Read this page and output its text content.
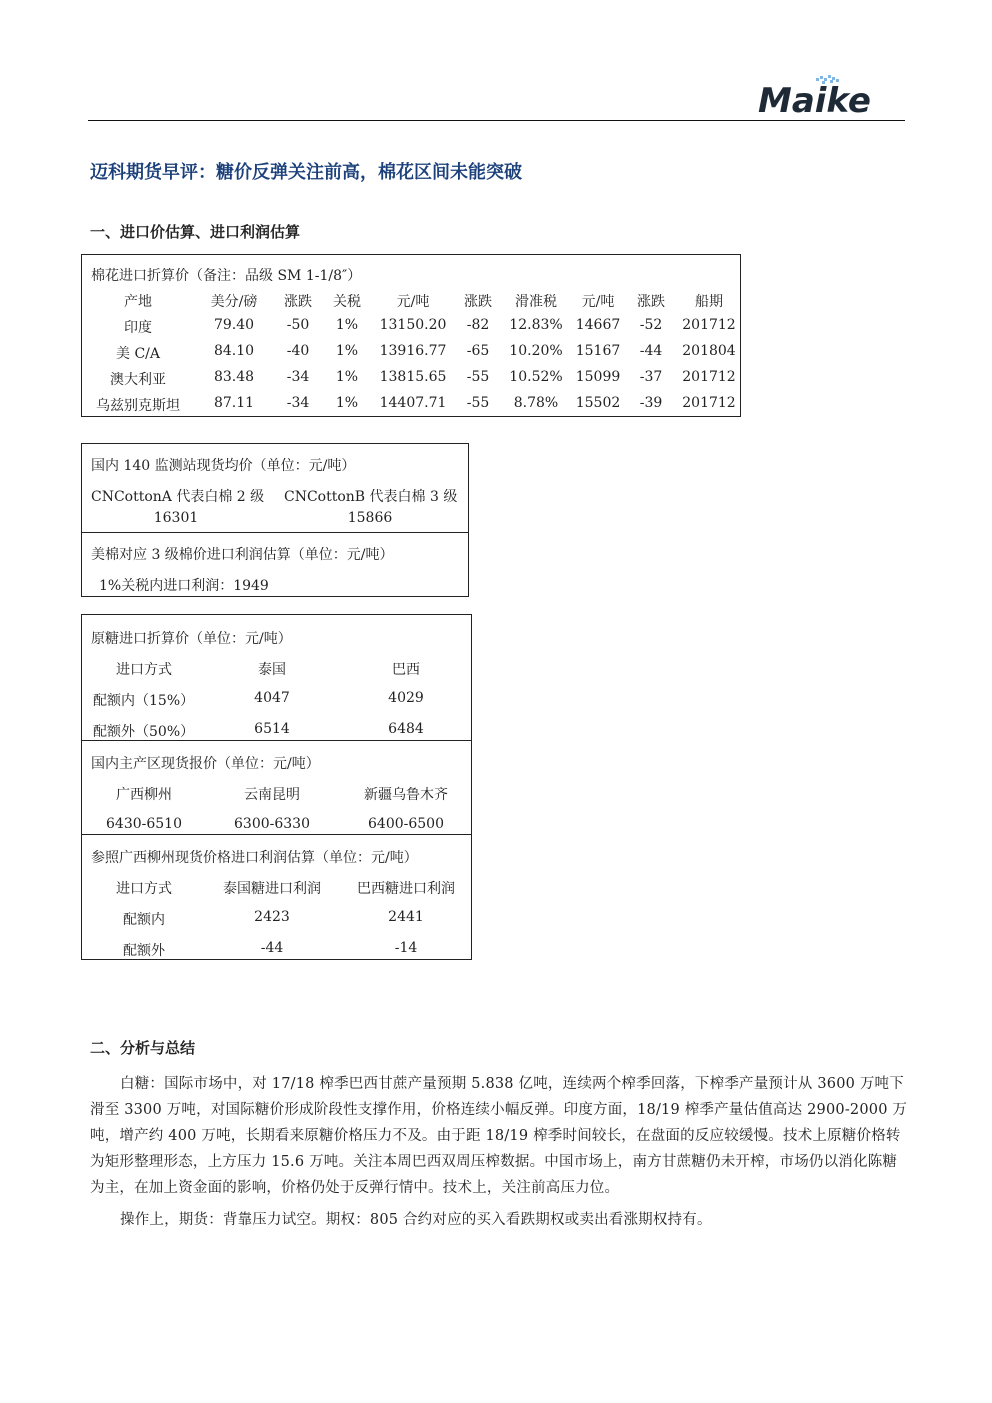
Maike
迈科期货早评：糖价反弹关注前高，棉花区间未能突破
一、进口价估算、进口利润估算
棉花进口折算价（备注：品级 SM 1-1/8″）
产地	美分/磅 涨跌 关税	元/吨 涨跌 滑准税 元/吨 涨跌 船期
印度	79.40 -50 1% 13150.20 -82 12.83% 14667 -52 201712
美 C/A	84.10 -40 1% 13916.77 -65 10.20% 15167 -44 201804
澳大利亚	83.48 -34 1% 13815.65 -55 10.52% 15099 -37 201712
乌兹别克斯坦 87.11 -34 1% 14407.71 -55 8.78% 15502 -39 201712
国内 140 监测站现货均价（单位：元/吨）
CNCottonA 代表白棉 2 级 CNCottonB 代表白棉 3 级
16301	15866
美棉对应 3 级棉价进口利润估算（单位：元/吨）
1%关税内进口利润：1949
原糖进口折算价（单位：元/吨）
进口方式	泰国	巴西
配额内（15%）	4047	4029
配额外（50%）	6514	6484
国内主产区现货报价（单位：元/吨）
广西柳州	云南昆明	新疆乌鲁木齐
6430-6510	6300-6330	6400-6500
参照广西柳州现货价格进口利润估算（单位：元/吨）
进口方式	泰国糖进口利润	巴西糖进口利润
配额内	2423	2441
配额外	-44	-14
二、分析与总结

白糖：国际市场中，对 17/18 榨季巴西甘蔗产量预期 5.838 亿吨，连续两个榨季回落，下榨季产量预计从 3600 万吨下滑至 3300 万吨，对国际糖价形成阶段性支撑作用，价格连续小幅反弹。印度方面，18/19 榨季产量估值高达 2900-2000 万吨，增产约 400 万吨，长期看来原糖价格压力不及。由于距 18/19 榨季时间较长，在盘面的反应较缓慢。技术上原糖价格转为矩形整理形态，上方压力 15.6 万吨。关注本周巴西双周压榨数据。中国市场上，南方甘蔗糖仍未开榨，市场仍以消化陈糖为主，在加上资金面的影响，价格仍处于反弹行情中。技术上，关注前高压力位。

操作上，期货：背靠压力试空。期权：805 合约对应的买入看跌期权或卖出看涨期权持有。
